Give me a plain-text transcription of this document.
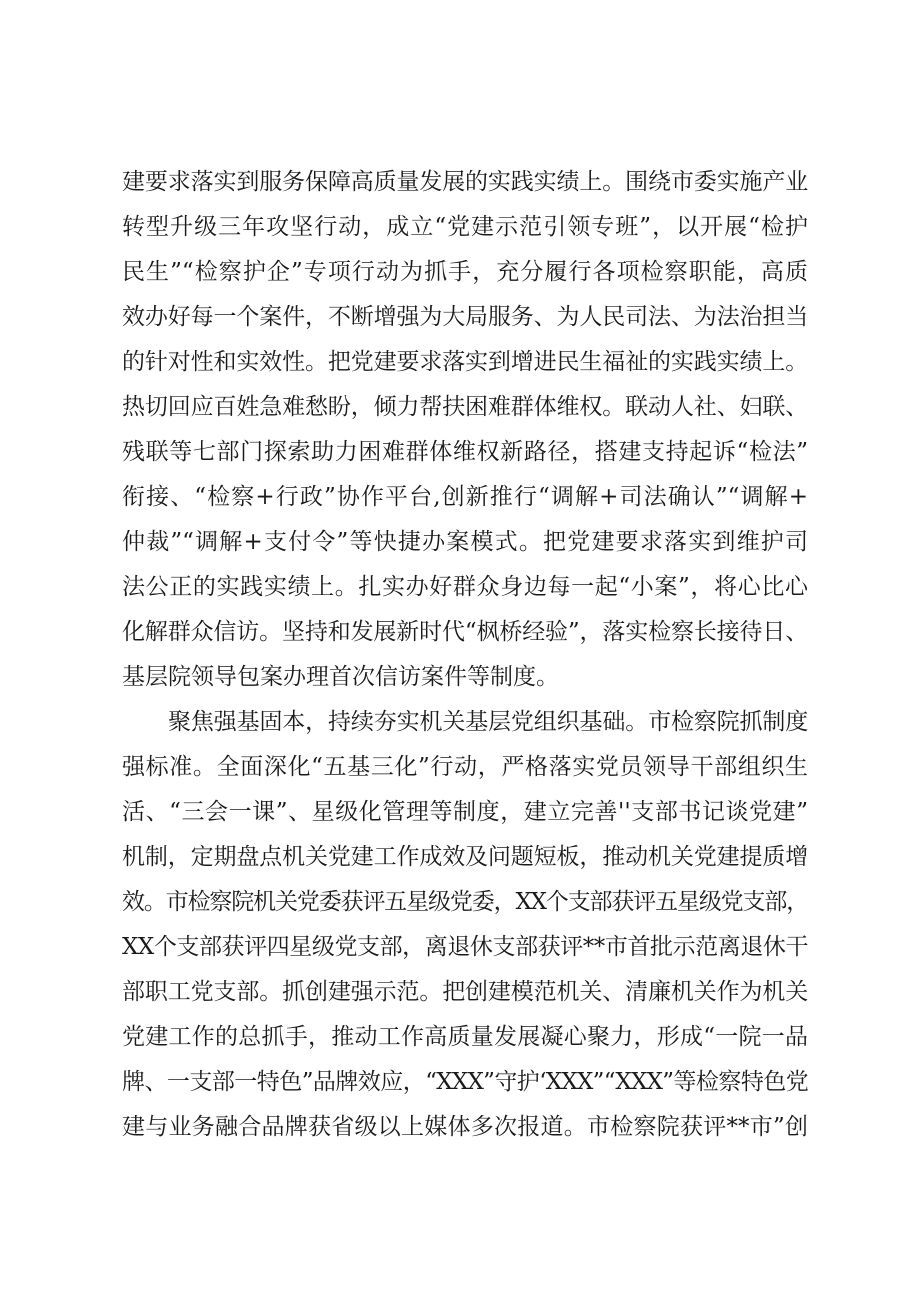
建要求落实到服务保障高质量发展的实践实绩上。围绕市委实施产业
转型升级三年攻坚行动，成立“党建示范引领专班”，以开展“检护
民生”“检察护企”专项行动为抓手，充分履行各项检察职能，高质
效办好每一个案件，不断增强为大局服务、为人民司法、为法治担当
的针对性和实效性。把党建要求落实到增进民生福祉的实践实绩上。
热切回应百姓急难愁盼，倾力帮扶困难群体维权。联动人社、妇联、
残联等七部门探索助力困难群体维权新路径，搭建支持起诉“检法”
衔接、“检察+行政”协作平台,创新推行“调解+司法确认”“调解+
仲裁”“调解+支付令”等快捷办案模式。把党建要求落实到维护司
法公正的实践实绩上。扎实办好群众身边每一起“小案”，将心比心
化解群众信访。坚持和发展新时代“枫桥经验”，落实检察长接待日、
基层院领导包案办理首次信访案件等制度。
聚焦强基固本，持续夯实机关基层党组织基础。市检察院抓制度
强标准。全面深化“五基三化”行动，严格落实党员领导干部组织生
活、“三会一课”、星级化管理等制度，建立完善''支部书记谈党建”
机制，定期盘点机关党建工作成效及问题短板，推动机关党建提质增
效。市检察院机关党委获评五星级党委，XX个支部获评五星级党支部，
XX个支部获评四星级党支部，离退休支部获评**市首批示范离退休干
部职工党支部。抓创建强示范。把创建模范机关、清廉机关作为机关
党建工作的总抓手，推动工作高质量发展凝心聚力，形成“一院一品
牌、一支部一特色”品牌效应，“XXX”守护‘XXX”“XXX”等检察特色党
建与业务融合品牌获省级以上媒体多次报道。市检察院获评**市”创
